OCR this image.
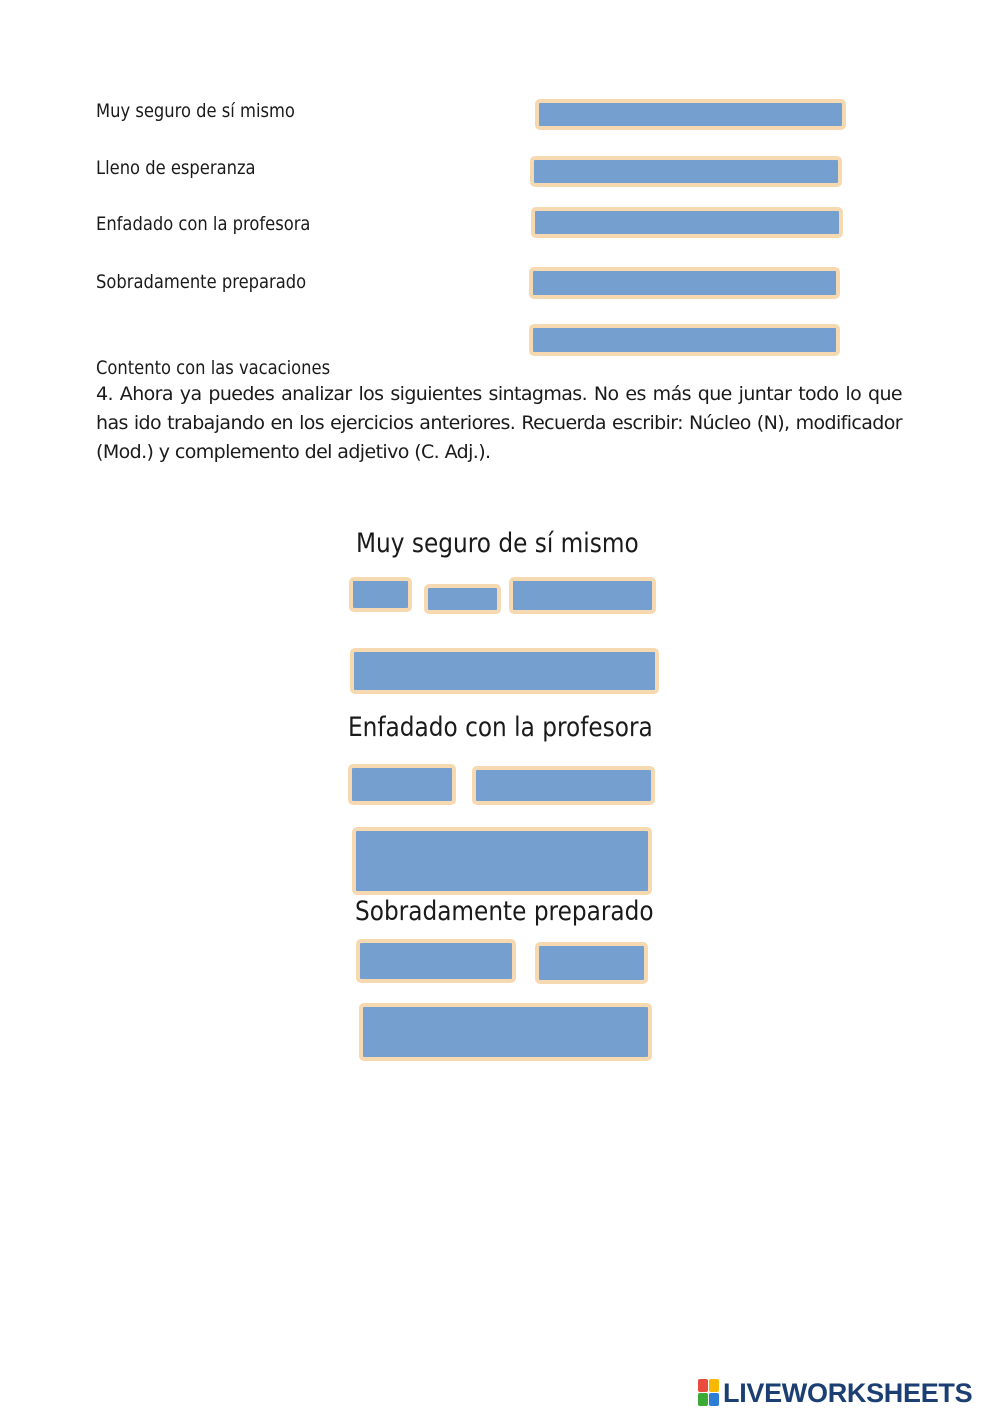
Muy seguro de sí mismo
Lleno de esperanza
Enfadado con la profesora
Sobradamente preparado
Contento con las vacaciones
4. Ahora ya puedes analizar los siguientes sintagmas. No es más que juntar todo lo que has ido trabajando en los ejercicios anteriores. Recuerda escribir: Núcleo (N), modificador (Mod.) y complemento del adjetivo (C. Adj.).
Muy seguro de sí mismo
Enfadado con la profesora
Sobradamente preparado
LIVEWORKSHEETS
